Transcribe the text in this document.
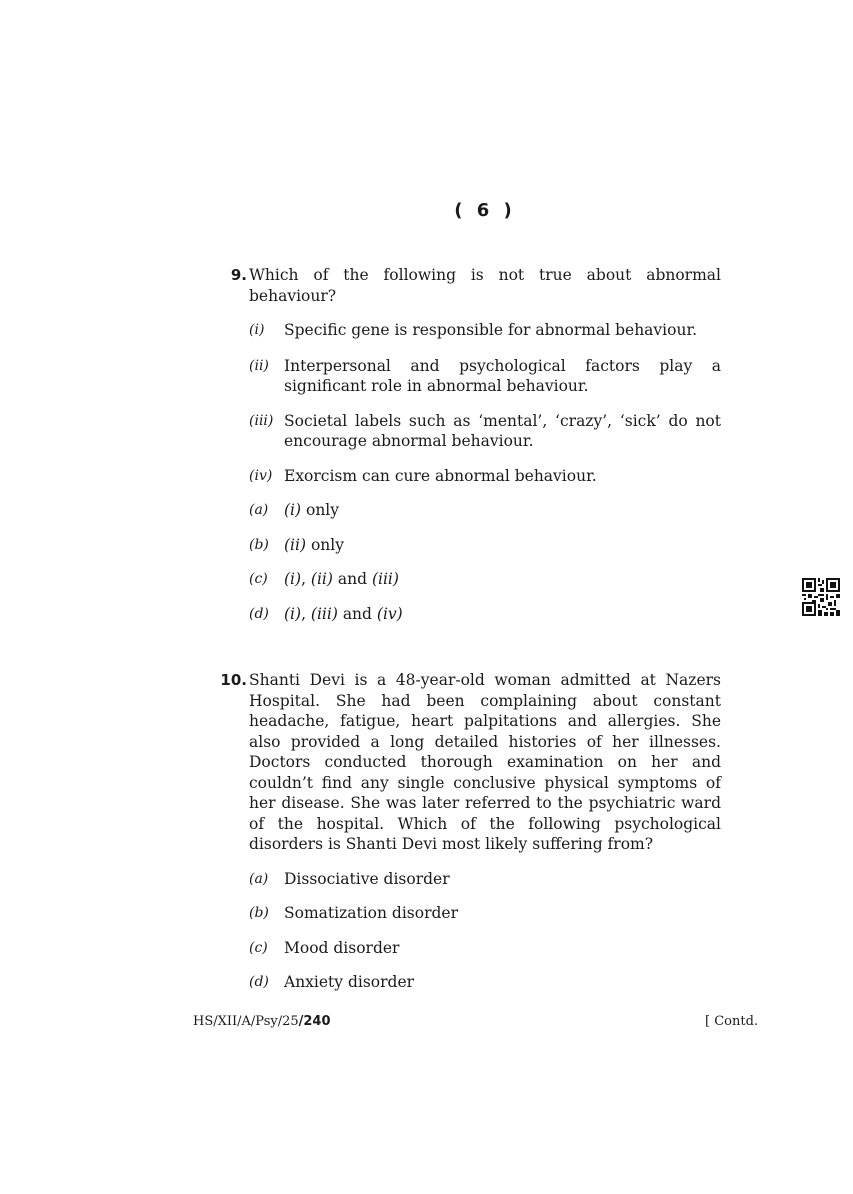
( 6 )
9. Which of the following is not true about abnormal behaviour?
(i) Specific gene is responsible for abnormal behaviour.
(ii) Interpersonal and psychological factors play a significant role in abnormal behaviour.
(iii) Societal labels such as ‘mental’, ‘crazy’, ‘sick’ do not encourage abnormal behaviour.
(iv) Exorcism can cure abnormal behaviour.
(a) (i) only
(b) (ii) only
(c) (i), (ii) and (iii)
(d) (i), (iii) and (iv)
10. Shanti Devi is a 48-year-old woman admitted at Nazers Hospital. She had been complaining about constant headache, fatigue, heart palpitations and allergies. She also provided a long detailed histories of her illnesses. Doctors conducted thorough examination on her and couldn’t find any single conclusive physical symptoms of her disease. She was later referred to the psychiatric ward of the hospital. Which of the following psychological disorders is Shanti Devi most likely suffering from?
(a) Dissociative disorder
(b) Somatization disorder
(c) Mood disorder
(d) Anxiety disorder
HS/XII/A/Psy/25/240	[ Contd.
